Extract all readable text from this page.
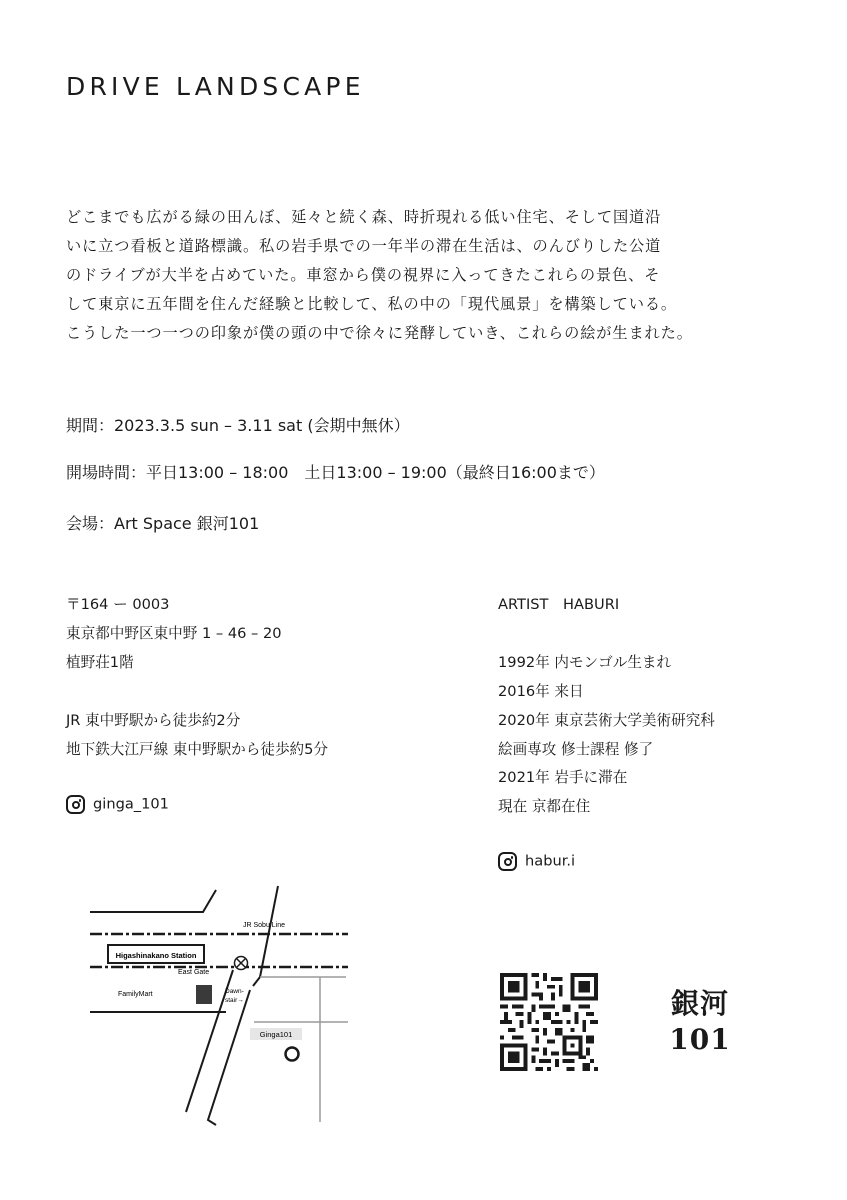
DRIVE LANDSCAPE
どこまでも広がる緑の田んぼ、延々と続く森、時折現れる低い住宅、そして国道沿
いに立つ看板と道路標識。私の岩手県での一年半の滞在生活は、のんびりした公道
のドライブが大半を占めていた。車窓から僕の視界に入ってきたこれらの景色、そ
して東京に五年間を住んだ経験と比較して、私の中の「現代風景」を構築している。
こうした一つ一つの印象が僕の頭の中で徐々に発酵していき、これらの絵が生まれた。
期間：2023.3.5 sun – 3.11 sat (会期中無休）
開場時間：平日13:00 – 18:00　土日13:00 – 19:00（最終日16:00まで）
会場：Art Space 銀河101
〒164 ー 0003
東京都中野区東中野 1 – 46 – 20
植野荘1階
JR 東中野駅から徒歩約2分
地下鉄大江戸線 東中野駅から徒歩約5分
ginga_101
ARTIST　HABURI
1992年 内モンゴル生まれ
2016年 来日
2020年 東京芸術大学美術研究科
絵画専攻 修士課程 修了
2021年 岩手に滞在
現在 京都在住
habur.i
Higashinakano Station
JR Sobu Line
East Gate
FamilyMart	Dawn-
stair→
Ginga101
銀河
101
